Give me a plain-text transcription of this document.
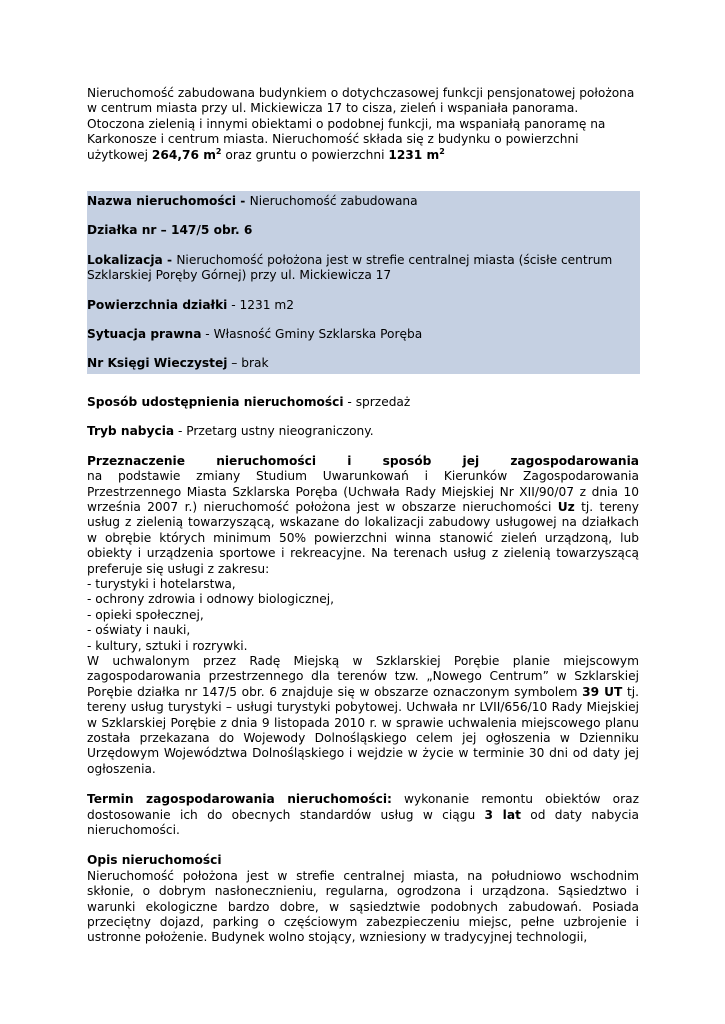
Nieruchomość zabudowana budynkiem o dotychczasowej funkcji pensjonatowej położona w centrum miasta przy ul. Mickiewicza 17 to cisza, zieleń i wspaniała panorama. Otoczona zielenią i innymi obiektami o podobnej funkcji, ma wspaniałą panoramę na Karkonosze i centrum miasta. Nieruchomość składa się z budynku o powierzchni użytkowej 264,76 $m^2$ oraz gruntu o powierzchni 1231 $m^2$

Nazwa nieruchomości - Nieruchomość zabudowana

Działka nr – 147/5 obr. 6

Lokalizacja - Nieruchomość położona jest w strefie centralnej miasta (ścisłe centrum Szklarskiej Poręby Górnej) przy ul. Mickiewicza 17

Powierzchnia działki - 1231 m2

Sytuacja prawna - Własność Gminy Szklarska Poręba

Nr Księgi Wieczystej – brak

Sposób udostępnienia nieruchomości - sprzedaż

Tryb nabycia - Przetarg ustny nieograniczony.

Przeznaczenie nieruchomości i sposób jej zagospodarowania

na podstawie zmiany Studium Uwarunkowań i Kierunków Zagospodarowania Przestrzennego Miasta Szklarska Poręba (Uchwała Rady Miejskiej Nr XII/90/07 z dnia 10 września 2007 r.) nieruchomość położona jest w obszarze nieruchomości Uz tj. tereny usług z zielenią towarzyszącą, wskazane do lokalizacji zabudowy usługowej na działkach w obrębie których minimum 50% powierzchni winna stanowić zieleń urządzoną, lub obiekty i urządzenia sportowe i rekreacyjne. Na terenach usług z zielenią towarzyszącą preferuje się usługi z zakresu:

- turystyki i hotelarstwa,
- ochrony zdrowia i odnowy biologicznej,
- opieki społecznej,
- oświaty i nauki,
- kultury, sztuki i rozrywki.

W uchwalonym przez Radę Miejską w Szklarskiej Porębie planie miejscowym zagospodarowania przestrzennego dla terenów tzw. „Nowego Centrum” w Szklarskiej Porębie działka nr 147/5 obr. 6 znajduje się w obszarze oznaczonym symbolem 39 UT tj. tereny usług turystyki – usługi turystyki pobytowej. Uchwała nr LVII/656/10 Rady Miejskiej w Szklarskiej Porębie z dnia 9 listopada 2010 r. w sprawie uchwalenia miejscowego planu została przekazana do Wojewody Dolnośląskiego celem jej ogłoszenia w Dzienniku Urzędowym Województwa Dolnośląskiego i wejdzie w życie w terminie 30 dni od daty jej ogłoszenia.

Termin zagospodarowania nieruchomości: wykonanie remontu obiektów oraz dostosowanie ich do obecnych standardów usług w ciągu 3 lat od daty nabycia nieruchomości.

Opis nieruchomości

Nieruchomość położona jest w strefie centralnej miasta, na południowo wschodnim skłonie, o dobrym nasłonecznieniu, regularna, ogrodzona i urządzona. Sąsiedztwo i warunki ekologiczne bardzo dobre, w sąsiedztwie podobnych zabudowań. Posiada przeciętny dojazd, parking o częściowym zabezpieczeniu miejsc, pełne uzbrojenie i ustronne położenie. Budynek wolno stojący, wzniesiony w tradycyjnej technologii,
